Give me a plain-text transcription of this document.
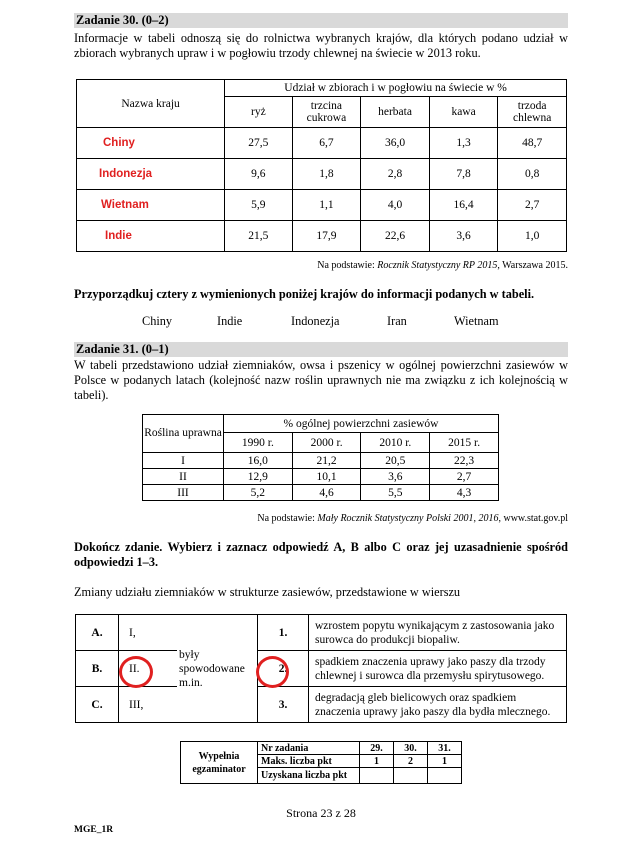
Zadanie 30. (0–2)
Informacje w tabeli odnoszą się do rolnictwa wybranych krajów, dla których podano udział w zbiorach wybranych upraw i w pogłowiu trzody chlewnej na świecie w 2013 roku.
Nazwa kraju	Udział w zbiorach i w pogłowiu na świecie w %				
	ryż	trzcina cukrowa	herbata	kawa	trzoda chlewna
Chiny	27,5	6,7	36,0	1,3	48,7
Indonezja	9,6	1,8	2,8	7,8	0,8
Wietnam	5,9	1,1	4,0	16,4	2,7
Indie	21,5	17,9	22,6	3,6	1,0
Na podstawie: Rocznik Statystyczny RP 2015, Warszawa 2015.
Przyporządkuj cztery z wymienionych poniżej krajów do informacji podanych w tabeli.
Chiny	Indie	Indonezja	Iran	Wietnam
Zadanie 31. (0–1)
W tabeli przedstawiono udział ziemniaków, owsa i pszenicy w ogólnej powierzchni zasiewów w Polsce w podanych latach (kolejność nazw roślin uprawnych nie ma związku z ich kolejnością w tabeli).
Roślina uprawna	% ogólnej powierzchni zasiewów			
	1990 r.	2000 r.	2010 r.	2015 r.
I	16,0	21,2	20,5	22,3
II	12,9	10,1	3,6	2,7
III	5,2	4,6	5,5	4,3
Na podstawie: Mały Rocznik Statystyczny Polski 2001, 2016, www.stat.gov.pl
Dokończ zdanie. Wybierz i zaznacz odpowiedź A, B albo C oraz jej uzasadnienie spośród odpowiedzi 1–3.
Zmiany udziału ziemniaków w strukturze zasiewów, przedstawione w wierszu
A.	I,	były spowodowane m.in.	1.	wzrostem popytu wynikającym z zastosowania jako surowca do produkcji biopaliw.
B.	II.		2.	spadkiem znaczenia uprawy jako paszy dla trzody chlewnej i surowca dla przemysłu spirytusowego.
C.	III,		3.	degradacją gleb bielicowych oraz spadkiem znaczenia uprawy jako paszy dla bydła mlecznego.
Wypełnia egzaminator	Nr zadania	29.	30.	31.
	Maks. liczba pkt	1	2	1
	Uzyskana liczba pkt			
Strona 23 z 28
MGE_1R
